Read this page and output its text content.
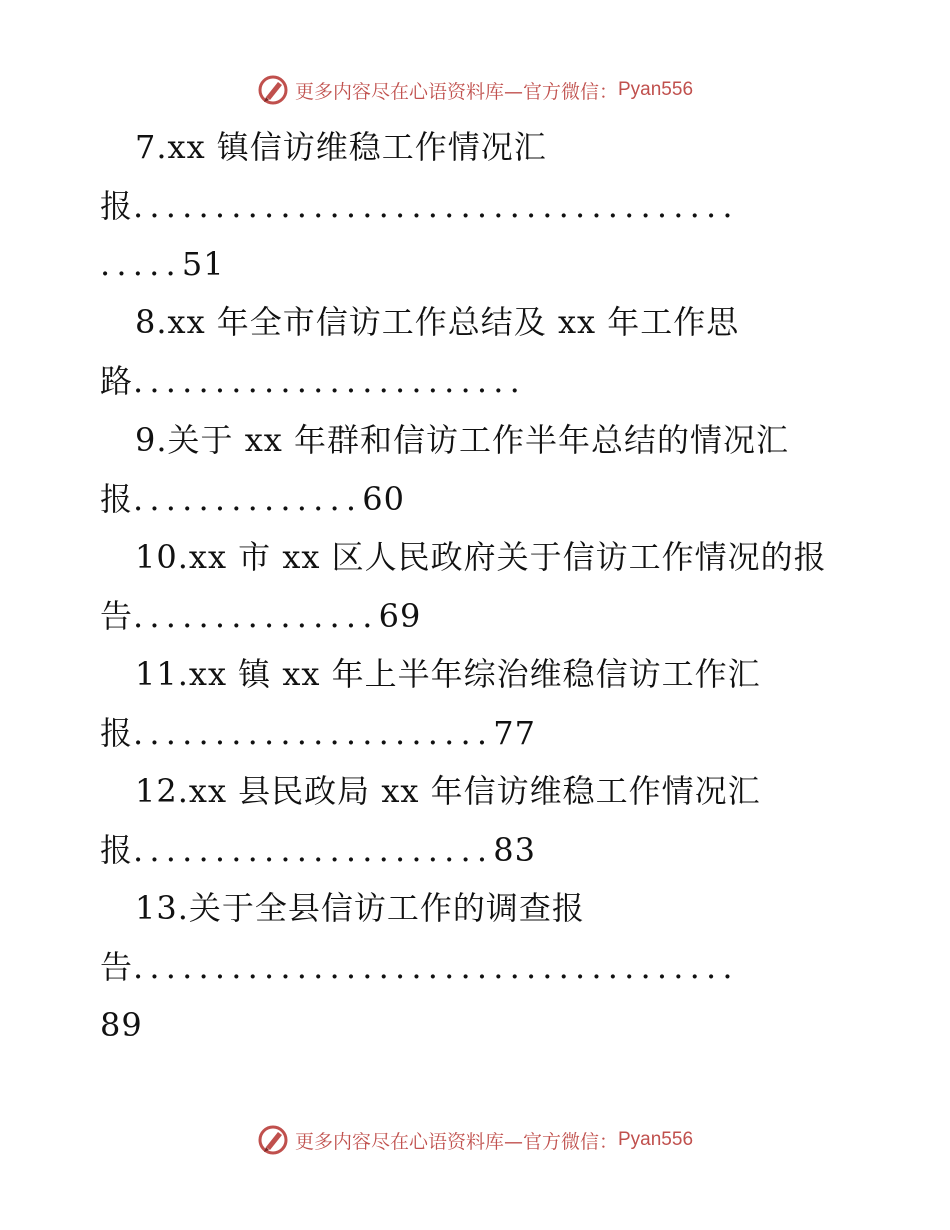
更多内容尽在心语资料库—官方微信： Pyan556
7.xx 镇信访维稳工作情况汇
报.....................................
.....51
8.xx 年全市信访工作总结及 xx 年工作思
路........................
9.关于 xx 年群和信访工作半年总结的情况汇
报..............60
10.xx 市 xx 区人民政府关于信访工作情况的报
告...............69
11.xx 镇 xx 年上半年综治维稳信访工作汇
报......................77
12.xx 县民政局 xx 年信访维稳工作情况汇
报......................83
13.关于全县信访工作的调查报
告.....................................
89
更多内容尽在心语资料库—官方微信： Pyan556
